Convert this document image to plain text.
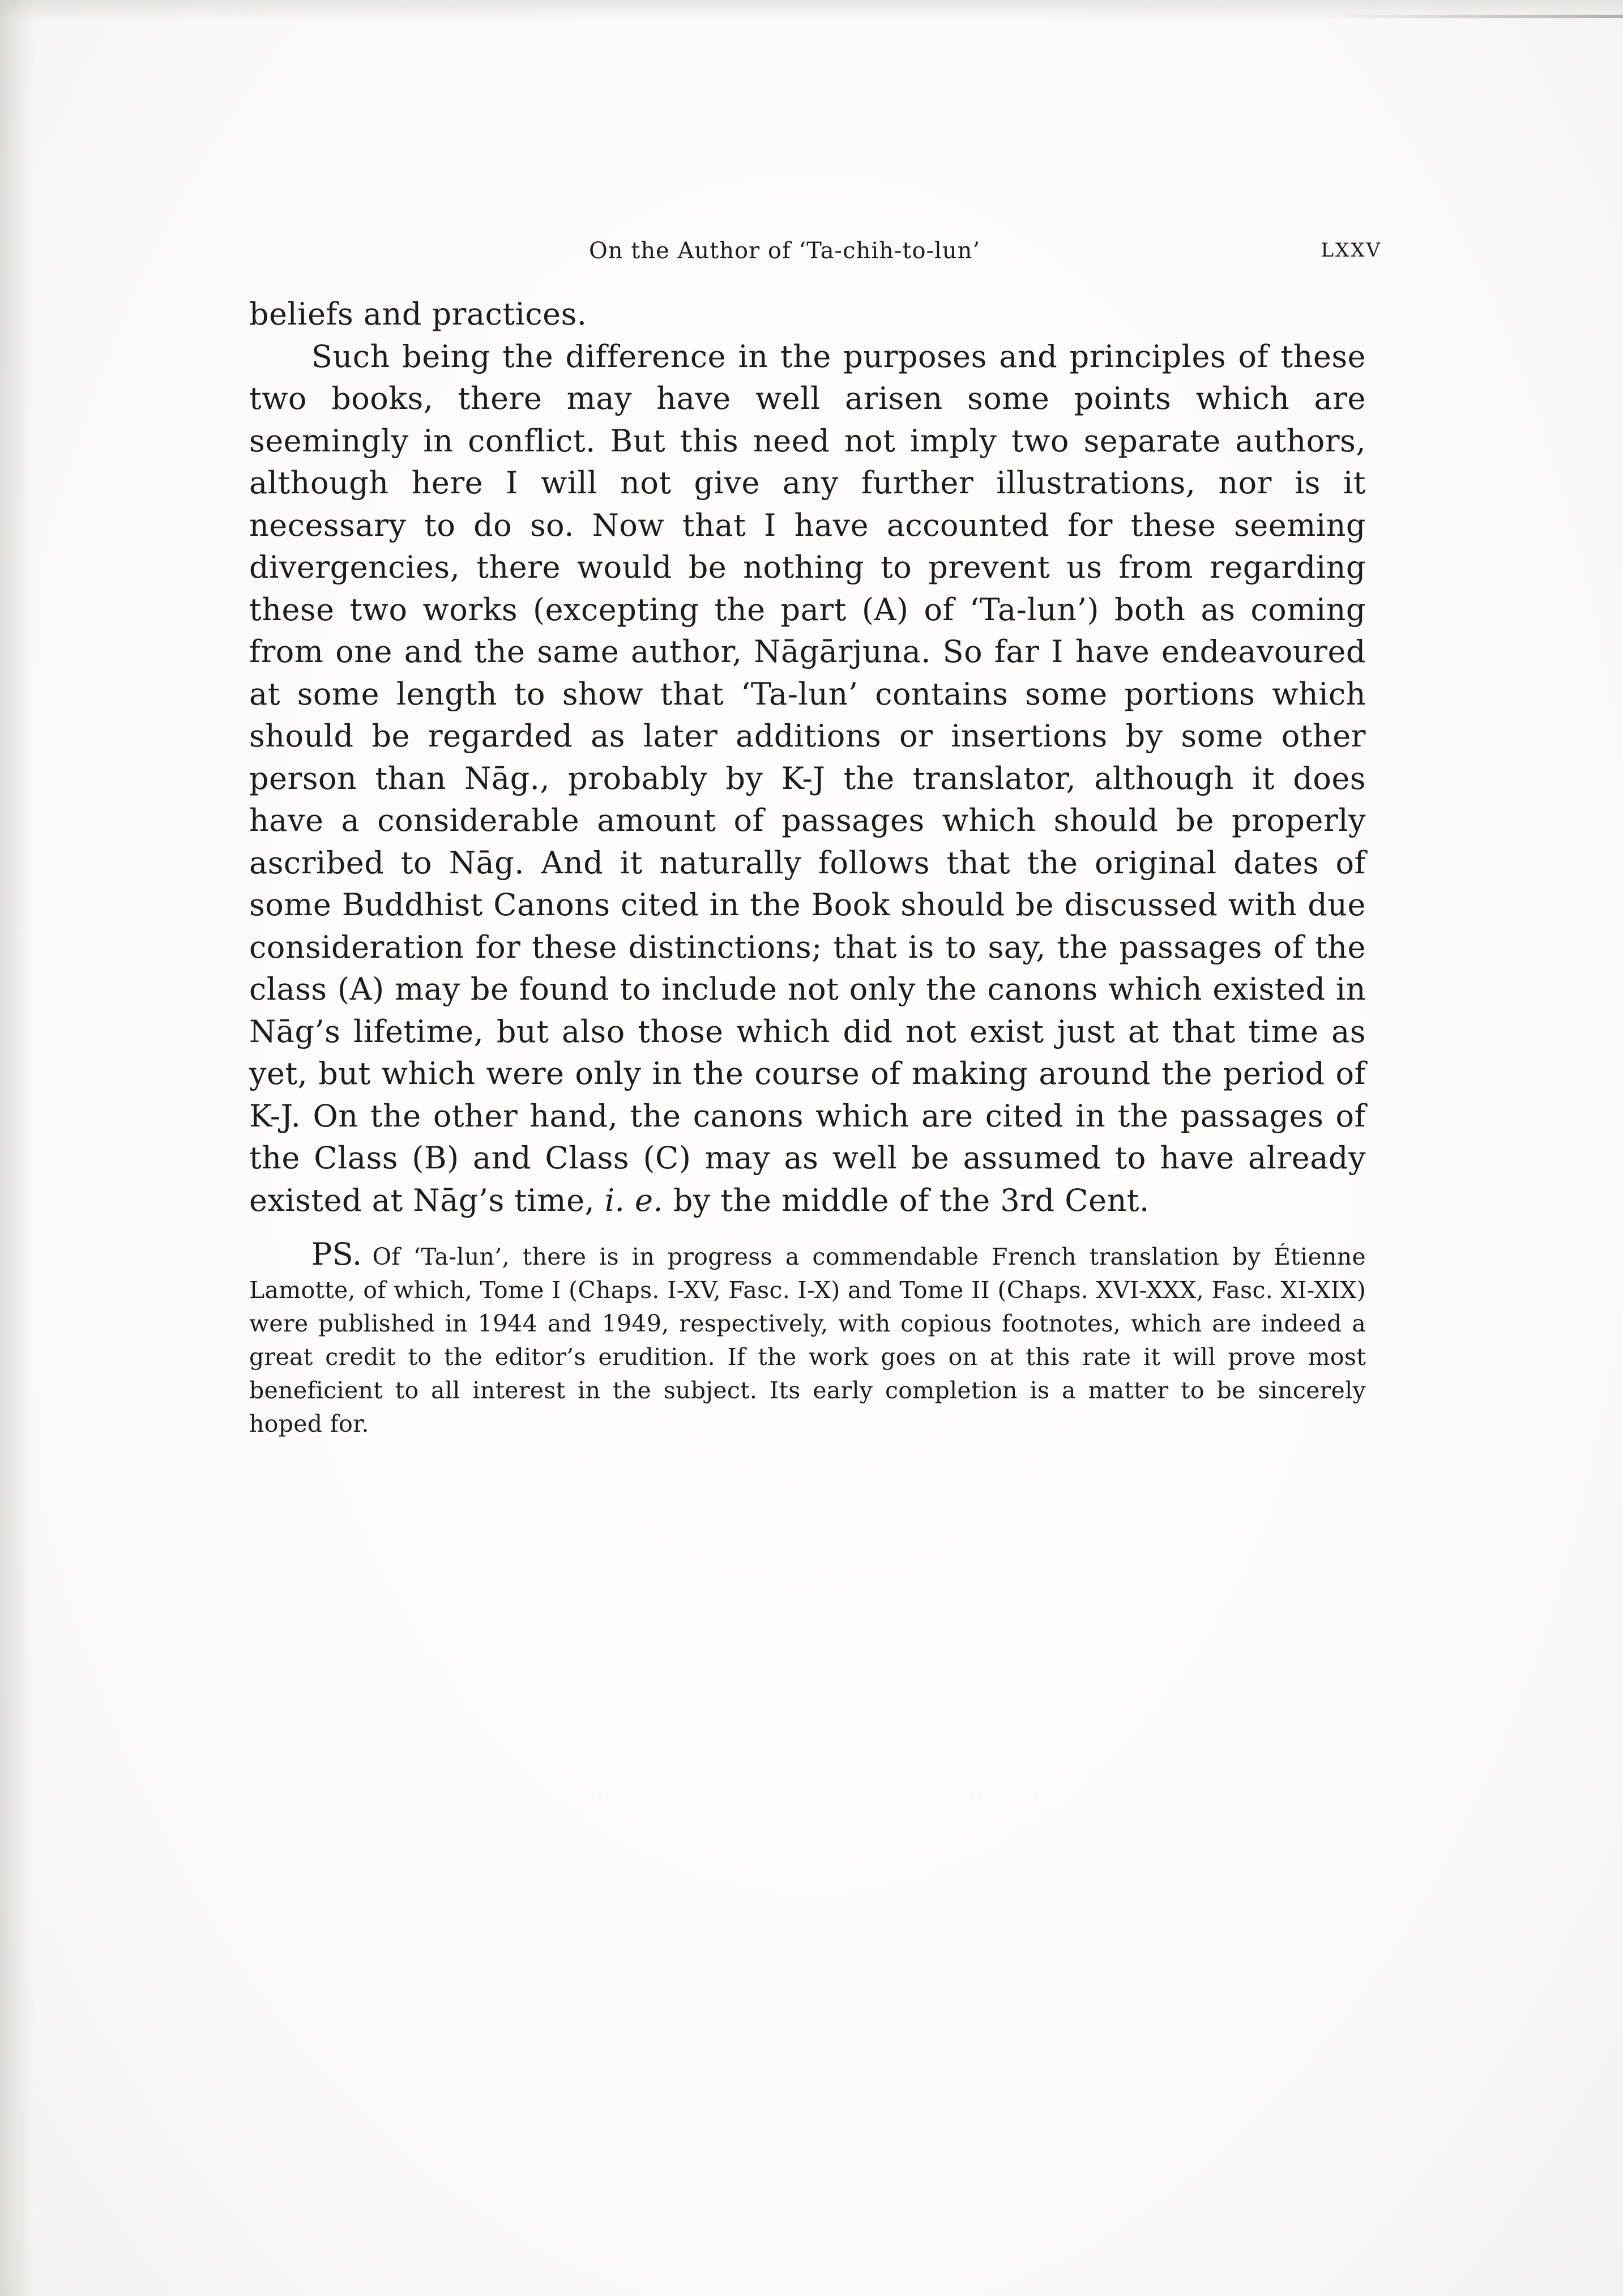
On the Author of ‘Ta-chih-to-lun’	LXXV

beliefs and practices.

Such being the difference in the purposes and principles of these two books, there may have well arisen some points which are seemingly in conflict. But this need not imply two separate authors, although here I will not give any further illustrations, nor is it necessary to do so. Now that I have accounted for these seeming divergencies, there would be nothing to prevent us from regarding these two works (excepting the part (A) of ‘Ta-lun’) both as coming from one and the same author, Nāgārjuna. So far I have endeavoured at some length to show that ‘Ta-lun’ contains some portions which should be regarded as later additions or insertions by some other person than Nāg., probably by K-J the translator, although it does have a considerable amount of passages which should be properly ascribed to Nāg. And it naturally follows that the original dates of some Buddhist Canons cited in the Book should be discussed with due consideration for these distinctions; that is to say, the passages of the class (A) may be found to include not only the canons which existed in Nāg’s lifetime, but also those which did not exist just at that time as yet, but which were only in the course of making around the period of K-J. On the other hand, the canons which are cited in the passages of the Class (B) and Class (C) may as well be assumed to have already existed at Nāg’s time, i. e. by the middle of the 3rd Cent.

PS. Of ‘Ta-lun’, there is in progress a commendable French translation by Étienne Lamotte, of which, Tome I (Chaps. I-XV, Fasc. I-X) and Tome II (Chaps. XVI-XXX, Fasc. XI-XIX) were published in 1944 and 1949, respectively, with copious footnotes, which are indeed a great credit to the editor’s erudition. If the work goes on at this rate it will prove most beneficient to all interest in the subject. Its early completion is a matter to be sincerely hoped for.
